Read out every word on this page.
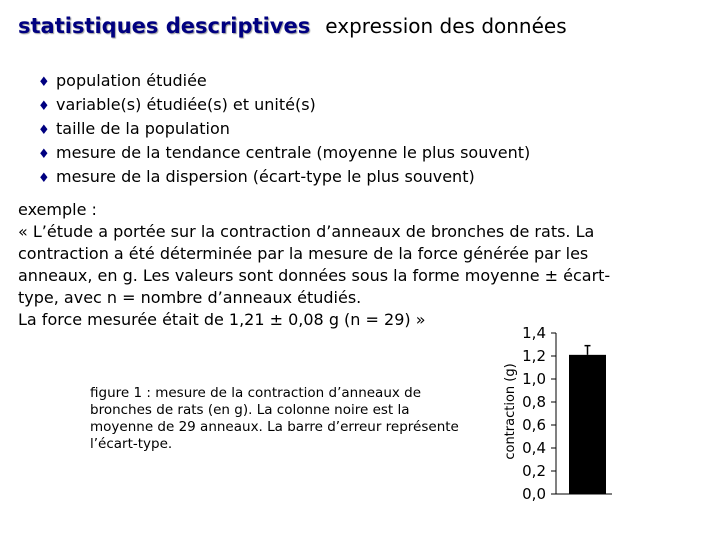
statistiques descriptives expression des données
♦ population étudiée
♦ variable(s) étudiée(s) et unité(s)
♦ taille de la population
♦ mesure de la tendance centrale (moyenne le plus souvent)
♦ mesure de la dispersion (écart-type le plus souvent)

exemple :

« L’étude a portée sur la contraction d’anneaux de bronches de rats. La

contraction a été déterminée par la mesure de la force générée par les

anneaux, en g. Les valeurs sont données sous la forme moyenne ± écart-

type, avec n = nombre d’anneaux étudiés.

La force mesurée était de 1,21 ± 0,08 g (n = 29) »

figure 1 : mesure de la contraction d’anneaux de bronches de rats (en g). La colonne noire est la moyenne de 29 anneaux. La barre d’erreur représente l’écart-type.
0,0
0,2
0,4
0,6
0,8
1,0
1,2
1,4
contraction (g)
